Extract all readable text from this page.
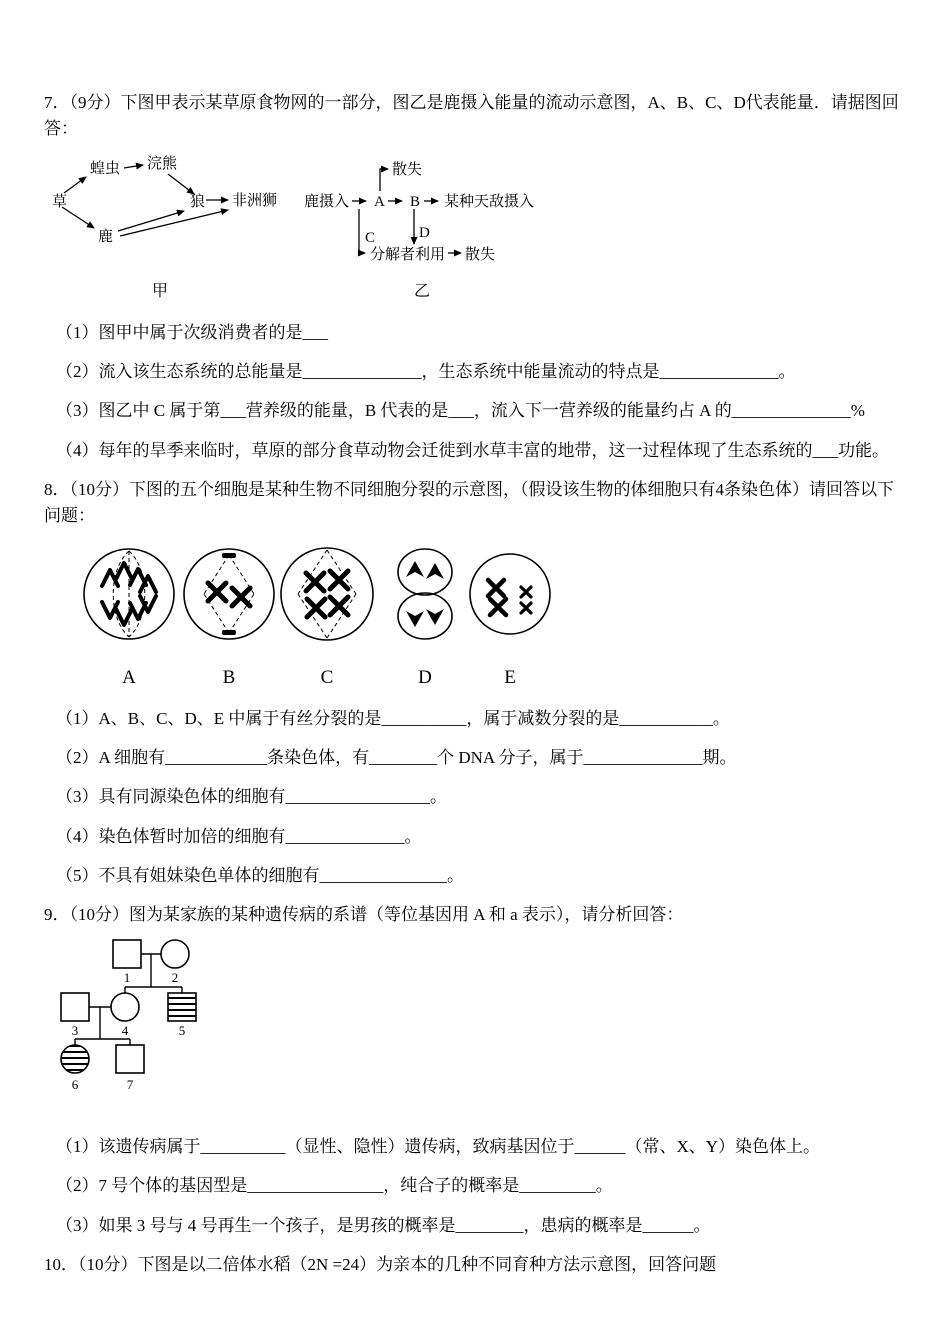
7．（9分）下图甲表示某草原食物网的一部分，图乙是鹿摄入能量的流动示意图，A、B、C、D代表能量．请据图回答：

草
蝗虫 浣熊
狼 非洲狮
鹿
甲
鹿摄入 A B 某种天敌摄入
散失
C	D
分解者利用 散失
乙

（1）图甲中属于次级消费者的是___

（2）流入该生态系统的总能量是______________，生态系统中能量流动的特点是______________。

（3）图乙中 C 属于第___营养级的能量，B 代表的是___，流入下一营养级的能量约占 A 的______________%

（4）每年的旱季来临时，草原的部分食草动物会迁徙到水草丰富的地带，这一过程体现了生态系统的___功能。

8．（10分）下图的五个细胞是某种生物不同细胞分裂的示意图，（假设该生物的体细胞只有4条染色体）请回答以下问题：

A	B	C	D	E

（1）A、B、C、D、E 中属于有丝分裂的是__________，属于减数分裂的是___________。

（2）A 细胞有____________条染色体，有________个 DNA 分子，属于______________期。

（3）具有同源染色体的细胞有_________________。

（4）染色体暂时加倍的细胞有______________。

（5）不具有姐妹染色单体的细胞有_______________。

9．（10分）图为某家族的某种遗传病的系谱（等位基因用 A 和 a 表示），请分析回答：

1	2
3	4	5
6	7

（1）该遗传病属于__________（显性、隐性）遗传病，致病基因位于______（常、X、Y）染色体上。

（2）7 号个体的基因型是________________，纯合子的概率是_________。

（3）如果 3 号与 4 号再生一个孩子，是男孩的概率是________，患病的概率是______。

10．（10分）下图是以二倍体水稻（2N =24）为亲本的几种不同育种方法示意图，回答问题
